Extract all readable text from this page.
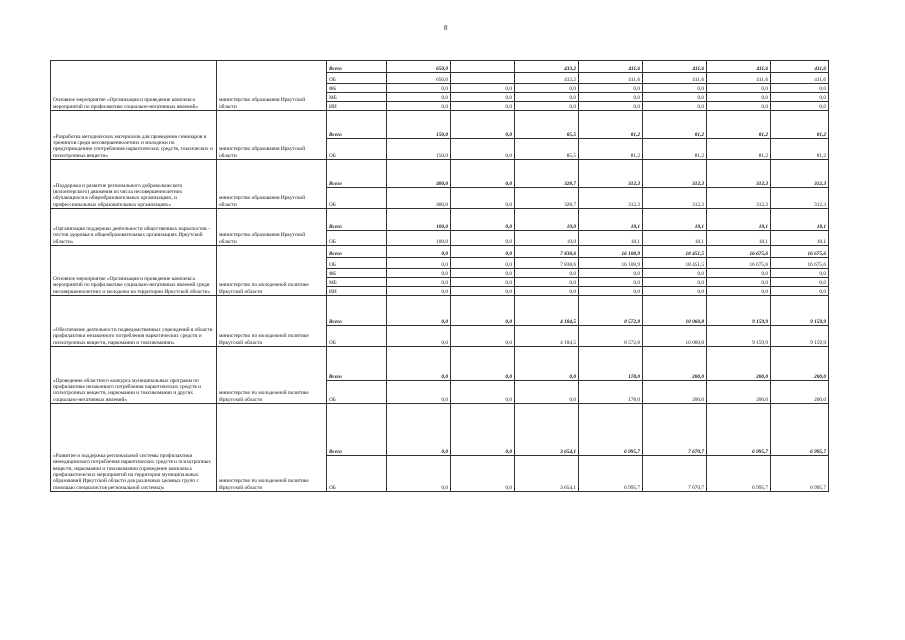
8
Основное мероприятие «Организация и проведение комплекса мероприятий по профилактике социально-негативных явлений»	министерство образования Иркутской области	Всего	650,0		433,2	411,6	411,6	411,6	411,6
		ОБ	650,0		433,2	411,6	411,6	411,6	411,6
		ФБ	0,0	0,0	0,0	0,0	0,0	0,0	0,0
		МБ	0,0	0,0	0,0	0,0	0,0	0,0	0,0
		ИИ	0,0	0,0	0,0	0,0	0,0	0,0	0,0
«Разработка методических материалов для проведения семинаров и тренингов среди несовершеннолетних и молодежи по предупреждению употребления наркотических средств, токсических и психотропных веществ»	министерство образования Иркутской области	Всего	150,0	0,0	85,5	81,2	81,2	81,2	81,2
		ОБ	150,0	0,0	85,5	81,2	81,2	81,2	81,2
«Поддержка и развитие регионального добровольческого (волонтерского) движения из числа несовершеннолетних обучающихся в общеобразовательных организациях, и профессиональных образовательных организациях»	министерство образования Иркутской области	Всего	400,0	0,0	328,7	312,3	312,3	312,3	312,3
		ОБ	400,0	0,0	328,7	312,3	312,3	312,3	312,3
«Организация поддержки деятельности общественных наркопостов - постов здоровья в общеобразовательных организациях Иркутской области»	министерство образования Иркутской области	Всего	100,0	0,0	19,0	18,1	18,1	18,1	18,1
		ОБ	100,0	0,0	19,0	18,1	18,1	18,1	18,1
Основное мероприятие «Организация и проведение комплекса мероприятий по профилактике социально-негативных явлений среди несовершеннолетних и молодежи на территории Иркутской области»	министерство по молодежной политике Иркутской области	Всего	0,0	0,0	7 838,6	16 108,9	18 451,5	16 675,6	16 675,6
		ОБ	0,0	0,0	7 838,6	16 108,9	18 451,5	16 675,6	16 675,6
		ФБ	0,0	0,0	0,0	0,0	0,0	0,0	0,0
		МБ	0,0	0,0	0,0	0,0	0,0	0,0	0,0
		ИИ	0,0	0,0	0,0	0,0	0,0	0,0	0,0
«Обеспечение деятельности подведомственных учреждений в области профилактики незаконного потребления наркотических средств и психотропных веществ, наркомании и токсикомании»	министерство по молодежной политике Иркутской области	Всего	0,0	0,0	4 184,5	8 572,8	10 060,8	9 159,9	9 159,9
		ОБ	0,0	0,0	4 184,5	8 572,8	10 060,8	9 159,9	9 159,9
«Проведение областного конкурса муниципальных программ по профилактике незаконного потребления наркотических средств и психотропных веществ, наркомании и токсикомании и других социально-негативных явлений»	министерство по молодежной политике Иркутской области	Всего	0,0	0,0	0,0	178,0	200,0	200,0	200,0
		ОБ	0,0	0,0	0,0	178,0	200,0	200,0	200,0
«Развитие и поддержка региональной системы профилактики немедицинского потребления наркотических средств и психотропных веществ, наркомании и токсикомании (проведение комплекса профилактических мероприятий на территории муниципальных образований Иркутской области для различных целевых групп с помощью специалистов региональной системы)»	министерство по молодежной политике Иркутской области	Всего	0,0	0,0	3 654,1	6 995,7	7 670,7	6 995,7	6 995,7
		ОБ	0,0	0,0	3 654,1	6 995,7	7 670,7	6 995,7	6 995,7
